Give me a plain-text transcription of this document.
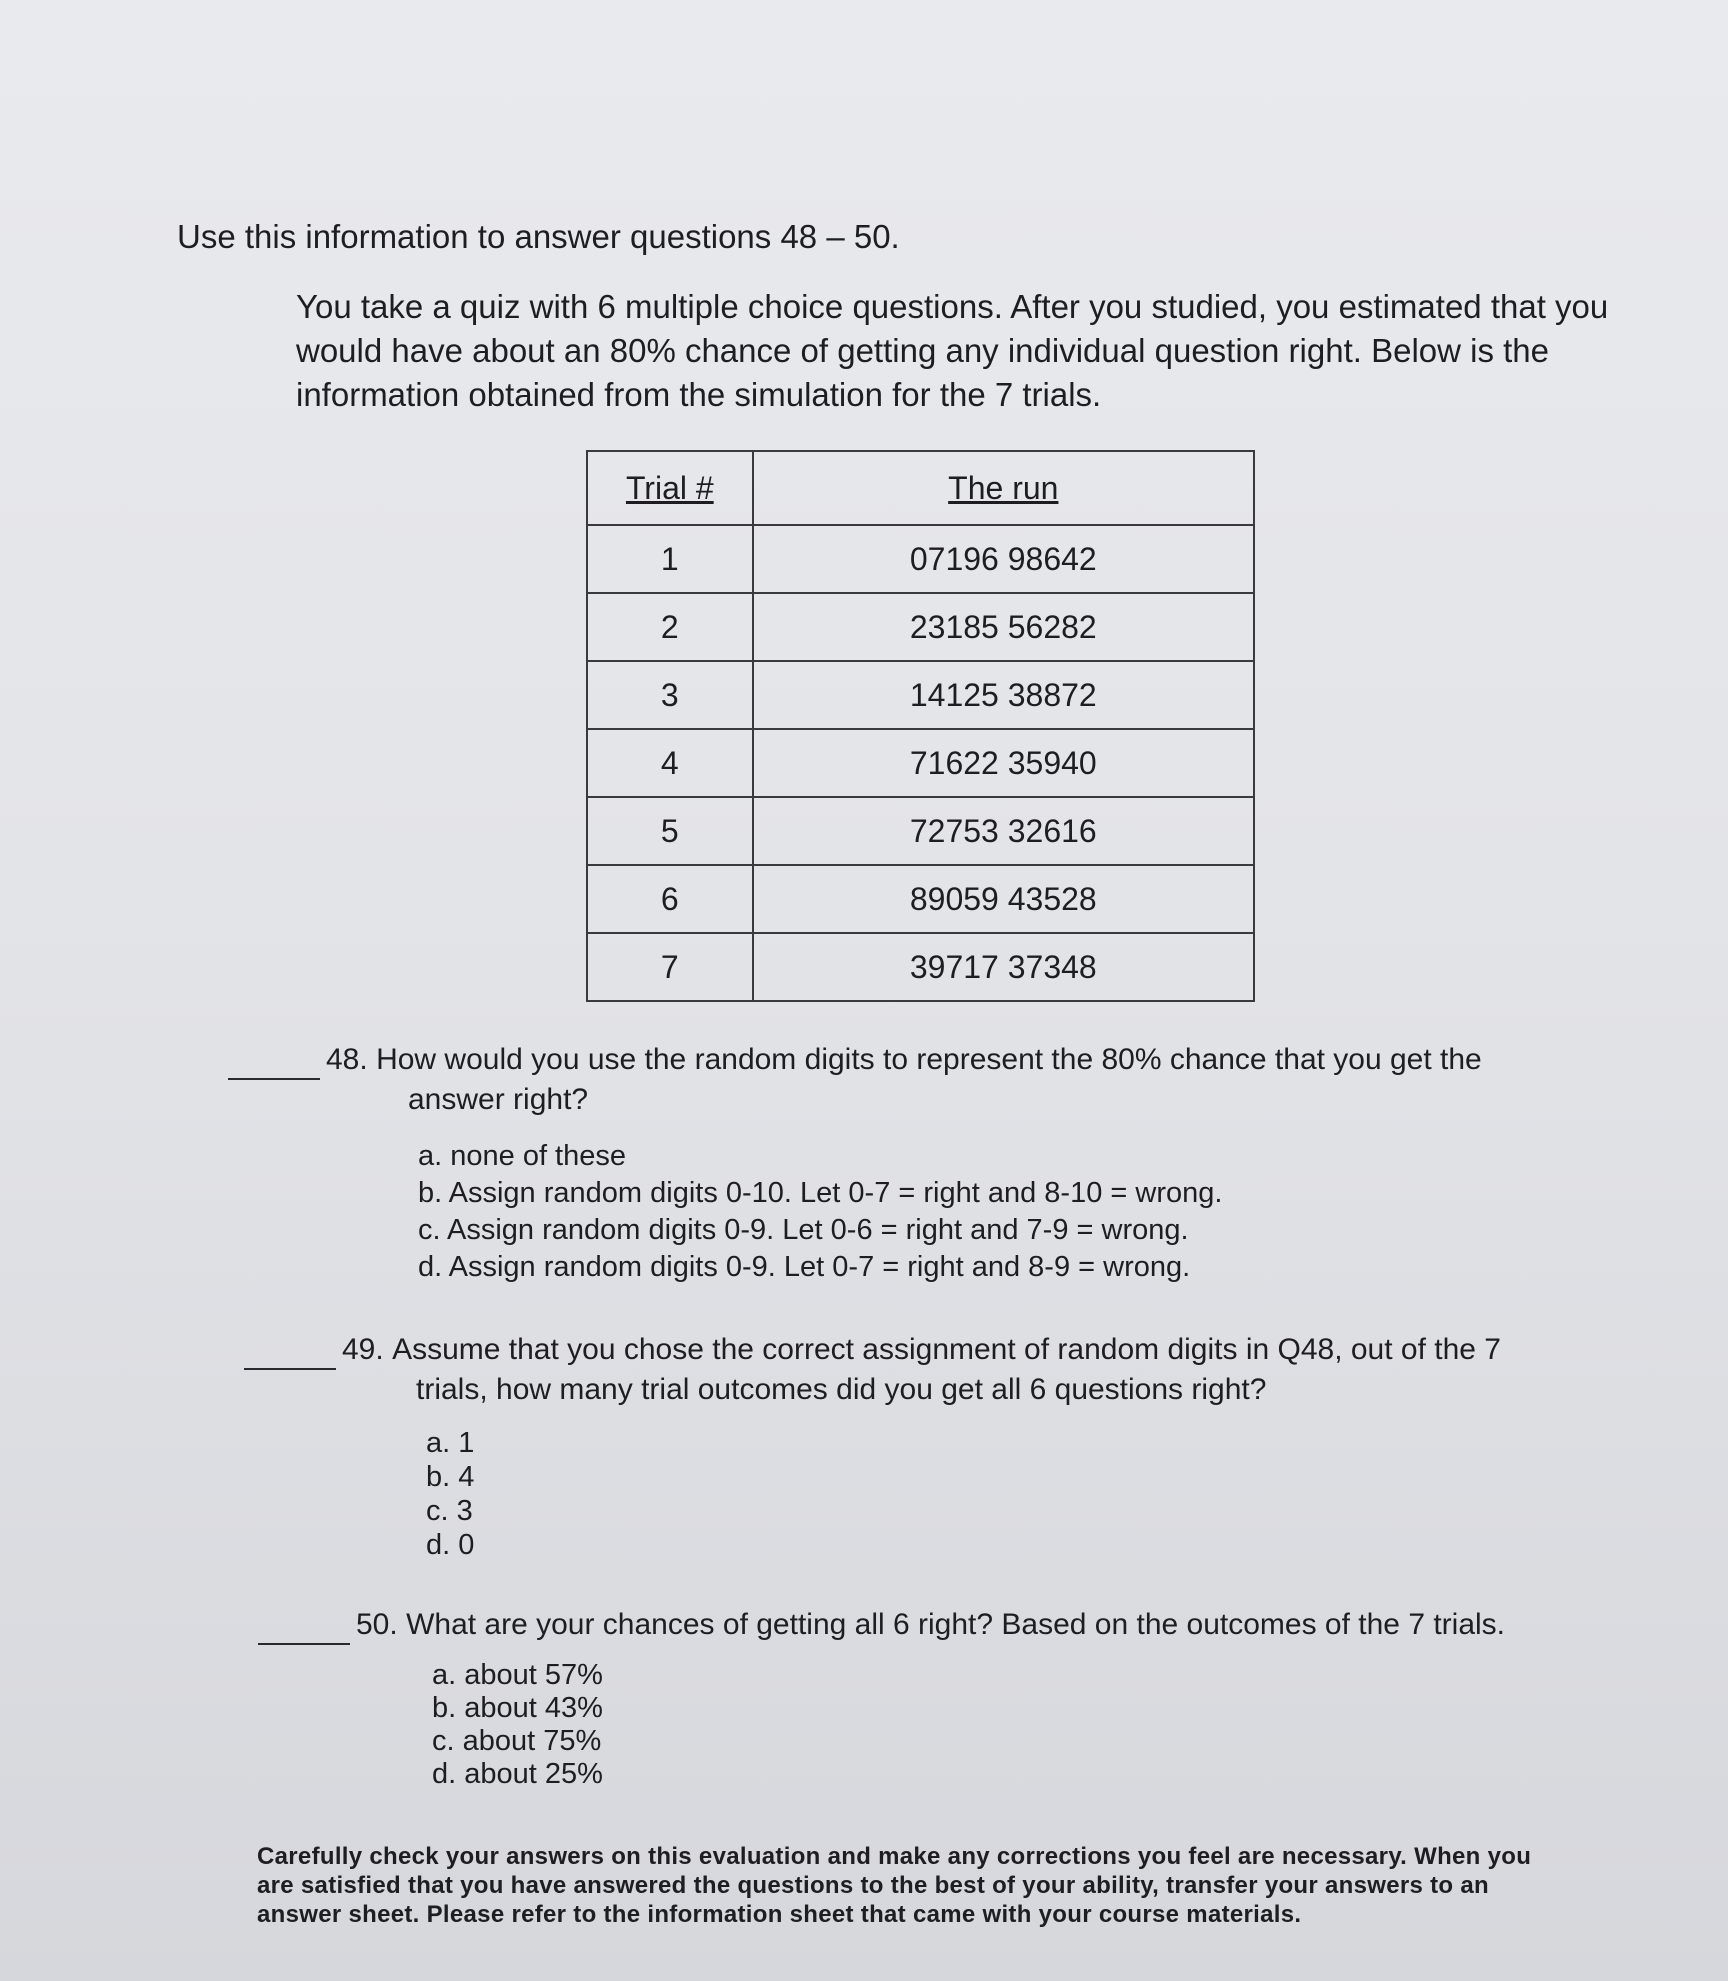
Use this information to answer questions 48 – 50.

You take a quiz with 6 multiple choice questions. After you studied, you estimated that you would have about an 80% chance of getting any individual question right. Below is the information obtained from the simulation for the 7 trials.

Trial #	The run
1	07196 98642
2	23185 56282
3	14125 38872
4	71622 35940
5	72753 32616
6	89059 43528
7	39717 37348
48.
How would you use the random digits to represent the 80% chance that you get the
answer right?
a. none of these
b. Assign random digits 0-10. Let 0-7 = right and 8-10 = wrong.
c. Assign random digits 0-9. Let 0-6 = right and 7-9 = wrong.
d. Assign random digits 0-9. Let 0-7 = right and 8-9 = wrong.
49.
Assume that you chose the correct assignment of random digits in Q48, out of the 7
trials, how many trial outcomes did you get all 6 questions right?
a. 1
b. 4
c. 3
d. 0
50.
What are your chances of getting all 6 right? Based on the outcomes of the 7 trials.
a. about 57%
b. about 43%
c. about 75%
d. about 25%

Carefully check your answers on this evaluation and make any corrections you feel are necessary. When you are satisfied that you have answered the questions to the best of your ability, transfer your answers to an answer sheet. Please refer to the information sheet that came with your course materials.
